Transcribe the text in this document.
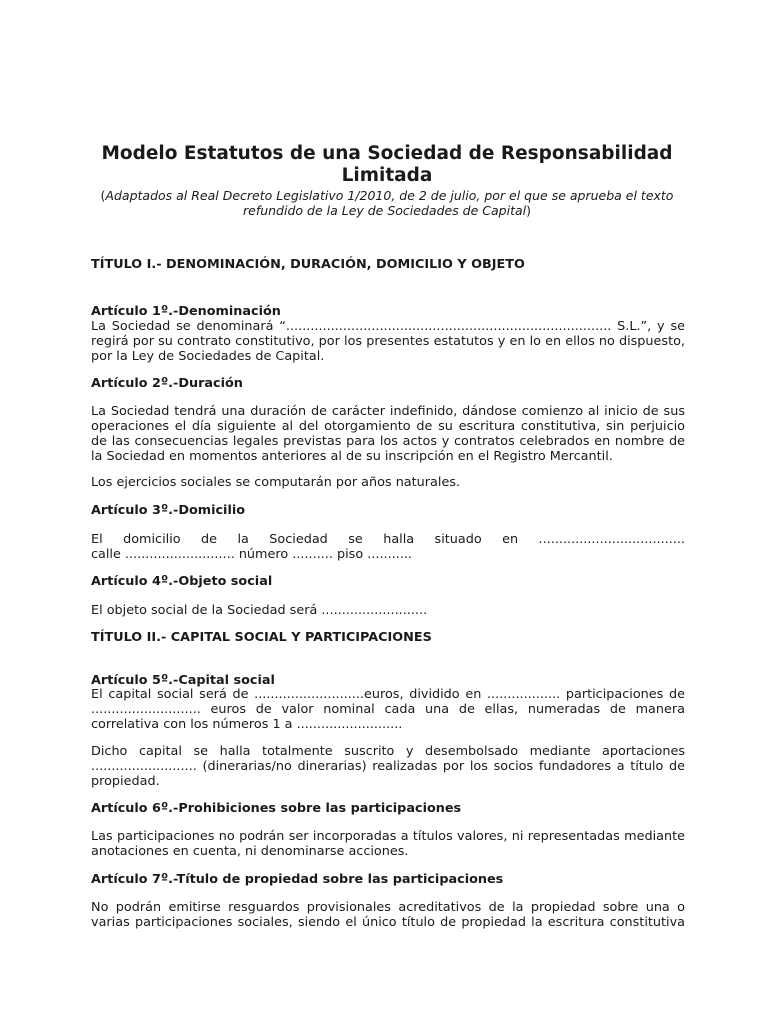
Modelo Estatutos de una Sociedad de Responsabilidad Limitada
(Adaptados al Real Decreto Legislativo 1/2010, de 2 de julio, por el que se aprueba el texto refundido de la Ley de Sociedades de Capital)
TÍTULO I.- DENOMINACIÓN, DURACIÓN, DOMICILIO Y OBJETO
Artículo 1º.-Denominación
La Sociedad se denominará “................................................................................ S.L.”, y se regirá por su contrato constitutivo, por los presentes estatutos y en lo en ellos no dispuesto, por la Ley de Sociedades de Capital.
Artículo 2º.-Duración
La Sociedad tendrá una duración de carácter indefinido, dándose comienzo al inicio de sus operaciones el día siguiente al del otorgamiento de su escritura constitutiva, sin perjuicio de las consecuencias legales previstas para los actos y contratos celebrados en nombre de la Sociedad en momentos anteriores al de su inscripción en el Registro Mercantil.
Los ejercicios sociales se computarán por años naturales.
Artículo 3º.-Domicilio
El domicilio de la Sociedad se halla situado en ....................................
calle ........................... número .......... piso ...........
Artículo 4º.-Objeto social
El objeto social de la Sociedad será ..........................
TÍTULO II.- CAPITAL SOCIAL Y PARTICIPACIONES
Artículo 5º.-Capital social
El capital social será de ...........................euros, dividido en .................. participaciones de ........................... euros de valor nominal cada una de ellas, numeradas de manera correlativa con los números 1 a ..........................
Dicho capital se halla totalmente suscrito y desembolsado mediante aportaciones .......................... (dinerarias/no dinerarias) realizadas por los socios fundadores a título de propiedad.
Artículo 6º.-Prohibiciones sobre las participaciones
Las participaciones no podrán ser incorporadas a títulos valores, ni representadas mediante anotaciones en cuenta, ni denominarse acciones.
Artículo 7º.-Título de propiedad sobre las participaciones
No podrán emitirse resguardos provisionales acreditativos de la propiedad sobre una o varias participaciones sociales, siendo el único título de propiedad la escritura constitutiva
